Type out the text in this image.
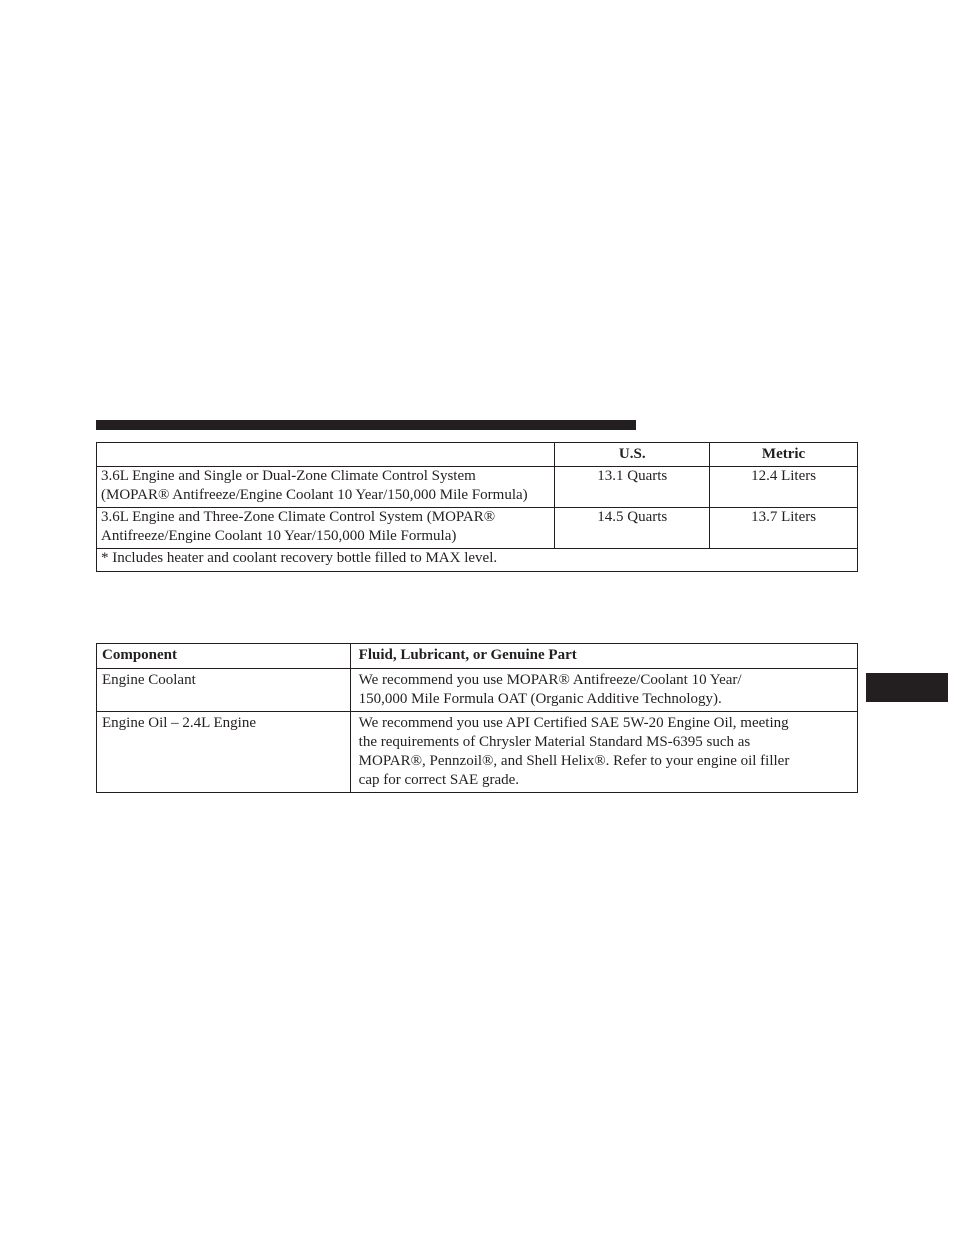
	U.S.	Metric
3.6L Engine and Single or Dual-Zone Climate Control System
(MOPAR® Antifreeze/Engine Coolant 10 Year/150,000 Mile Formula)	13.1 Quarts	12.4 Liters
3.6L Engine and Three-Zone Climate Control System (MOPAR®
Antifreeze/Engine Coolant 10 Year/150,000 Mile Formula)	14.5 Quarts	13.7 Liters
* Includes heater and coolant recovery bottle filled to MAX level.		
Component	Fluid, Lubricant, or Genuine Part
Engine Coolant	We recommend you use MOPAR® Antifreeze/Coolant 10 Year/
150,000 Mile Formula OAT (Organic Additive Technology).
Engine Oil – 2.4L Engine	We recommend you use API Certified SAE 5W-20 Engine Oil, meeting
the requirements of Chrysler Material Standard MS-6395 such as
MOPAR®, Pennzoil®, and Shell Helix®. Refer to your engine oil filler
cap for correct SAE grade.
